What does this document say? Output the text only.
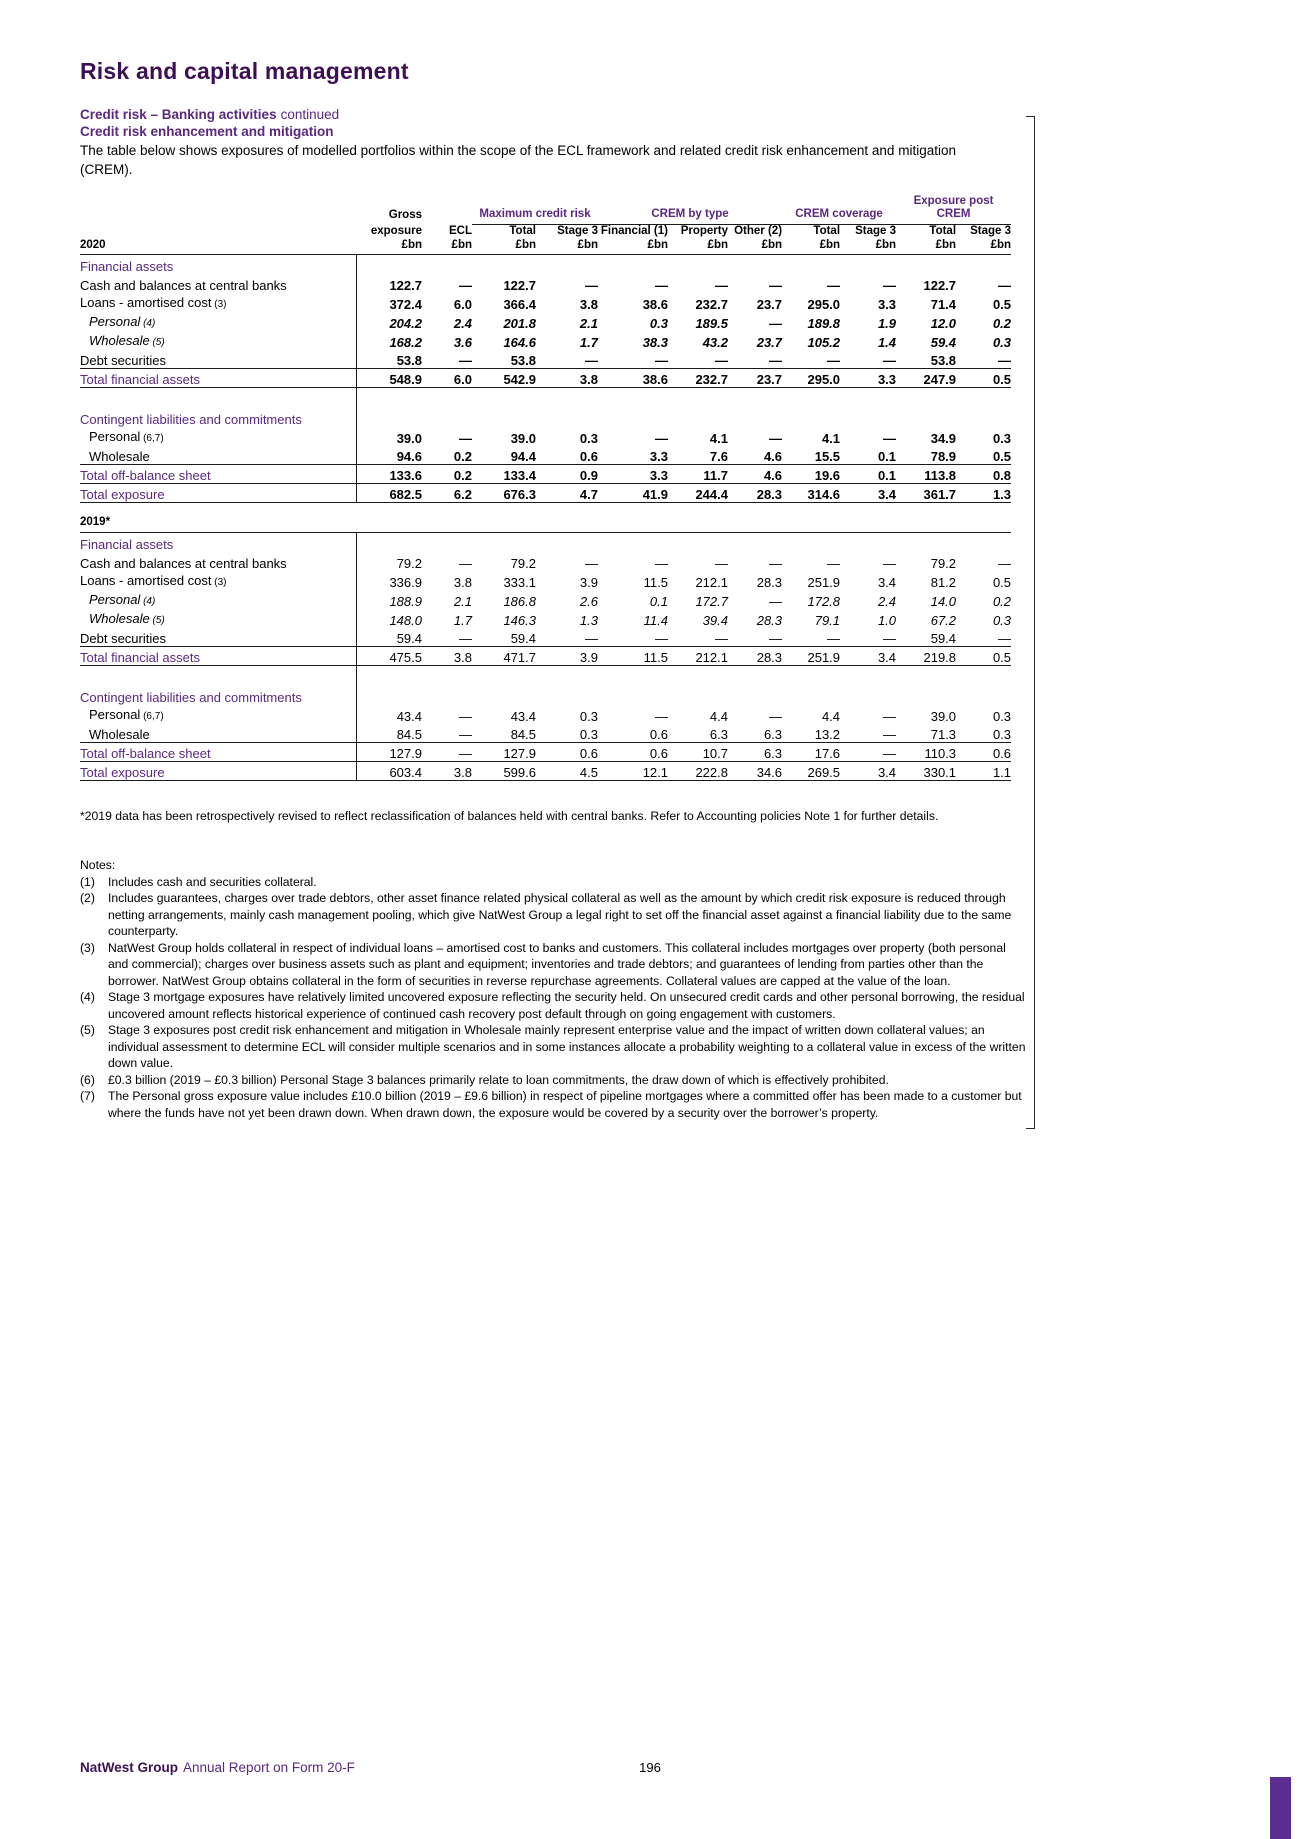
Risk and capital management

Credit risk – Banking activities continued

Credit risk enhancement and mitigation

The table below shows exposures of modelled portfolios within the scope of the ECL framework and related credit risk enhancement and mitigation (CREM).

	Gross		Maximum credit risk		CREM by type			CREM coverage		Exposure post CREM	

	exposure	ECL	Total	Stage 3	Financial (1)	Property	Other (2)	Total	Stage 3	Total	Stage 3
2020	£bn	£bn	£bn	£bn	£bn	£bn	£bn	£bn	£bn	£bn	£bn
Financial assets											
Cash and balances at central banks	122.7	—	122.7	—	—	—	—	—	—	122.7	—
Loans - amortised cost (3)	372.4	6.0	366.4	3.8	38.6	232.7	23.7	295.0	3.3	71.4	0.5
Personal (4)	204.2	2.4	201.8	2.1	0.3	189.5	—	189.8	1.9	12.0	0.2
Wholesale (5)	168.2	3.6	164.6	1.7	38.3	43.2	23.7	105.2	1.4	59.4	0.3
Debt securities	53.8	—	53.8	—	—	—	—	—	—	53.8	—
Total financial assets	548.9	6.0	542.9	3.8	38.6	232.7	23.7	295.0	3.3	247.9	0.5

Contingent liabilities and commitments											
Personal (6,7)	39.0	—	39.0	0.3	—	4.1	—	4.1	—	34.9	0.3
Wholesale	94.6	0.2	94.4	0.6	3.3	7.6	4.6	15.5	0.1	78.9	0.5
Total off-balance sheet	133.6	0.2	133.4	0.9	3.3	11.7	4.6	19.6	0.1	113.8	0.8
Total exposure	682.5	6.2	676.3	4.7	41.9	244.4	28.3	314.6	3.4	361.7	1.3
2019*											
Financial assets											
Cash and balances at central banks	79.2	—	79.2	—	—	—	—	—	—	79.2	—
Loans - amortised cost (3)	336.9	3.8	333.1	3.9	11.5	212.1	28.3	251.9	3.4	81.2	0.5
Personal (4)	188.9	2.1	186.8	2.6	0.1	172.7	—	172.8	2.4	14.0	0.2
Wholesale (5)	148.0	1.7	146.3	1.3	11.4	39.4	28.3	79.1	1.0	67.2	0.3
Debt securities	59.4	—	59.4	—	—	—	—	—	—	59.4	—
Total financial assets	475.5	3.8	471.7	3.9	11.5	212.1	28.3	251.9	3.4	219.8	0.5

Contingent liabilities and commitments											
Personal (6,7)	43.4	—	43.4	0.3	—	4.4	—	4.4	—	39.0	0.3
Wholesale	84.5	—	84.5	0.3	0.6	6.3	6.3	13.2	—	71.3	0.3
Total off-balance sheet	127.9	—	127.9	0.6	0.6	10.7	6.3	17.6	—	110.3	0.6
Total exposure	603.4	3.8	599.6	4.5	12.1	222.8	34.6	269.5	3.4	330.1	1.1

*2019 data has been retrospectively revised to reflect reclassification of balances held with central banks. Refer to Accounting policies Note 1 for further details.

Notes:

(1)	Includes cash and securities collateral.
(2)	Includes guarantees, charges over trade debtors, other asset finance related physical collateral as well as the amount by which credit risk exposure is reduced through netting arrangements, mainly cash management pooling, which give NatWest Group a legal right to set off the financial asset against a financial liability due to the same counterparty.
(3)	NatWest Group holds collateral in respect of individual loans – amortised cost to banks and customers. This collateral includes mortgages over property (both personal and commercial); charges over business assets such as plant and equipment; inventories and trade debtors; and guarantees of lending from parties other than the borrower. NatWest Group obtains collateral in the form of securities in reverse repurchase agreements. Collateral values are capped at the value of the loan.
(4)	Stage 3 mortgage exposures have relatively limited uncovered exposure reflecting the security held. On unsecured credit cards and other personal borrowing, the residual uncovered amount reflects historical experience of continued cash recovery post default through on going engagement with customers.
(5)	Stage 3 exposures post credit risk enhancement and mitigation in Wholesale mainly represent enterprise value and the impact of written down collateral values; an individual assessment to determine ECL will consider multiple scenarios and in some instances allocate a probability weighting to a collateral value in excess of the written down value.
(6)	£0.3 billion (2019 – £0.3 billion) Personal Stage 3 balances primarily relate to loan commitments, the draw down of which is effectively prohibited.
(7)	The Personal gross exposure value includes £10.0 billion (2019 – £9.6 billion) in respect of pipeline mortgages where a committed offer has been made to a customer but where the funds have not yet been drawn down. When drawn down, the exposure would be covered by a security over the borrower’s property.
196
NatWest Group Annual Report on Form 20-F
